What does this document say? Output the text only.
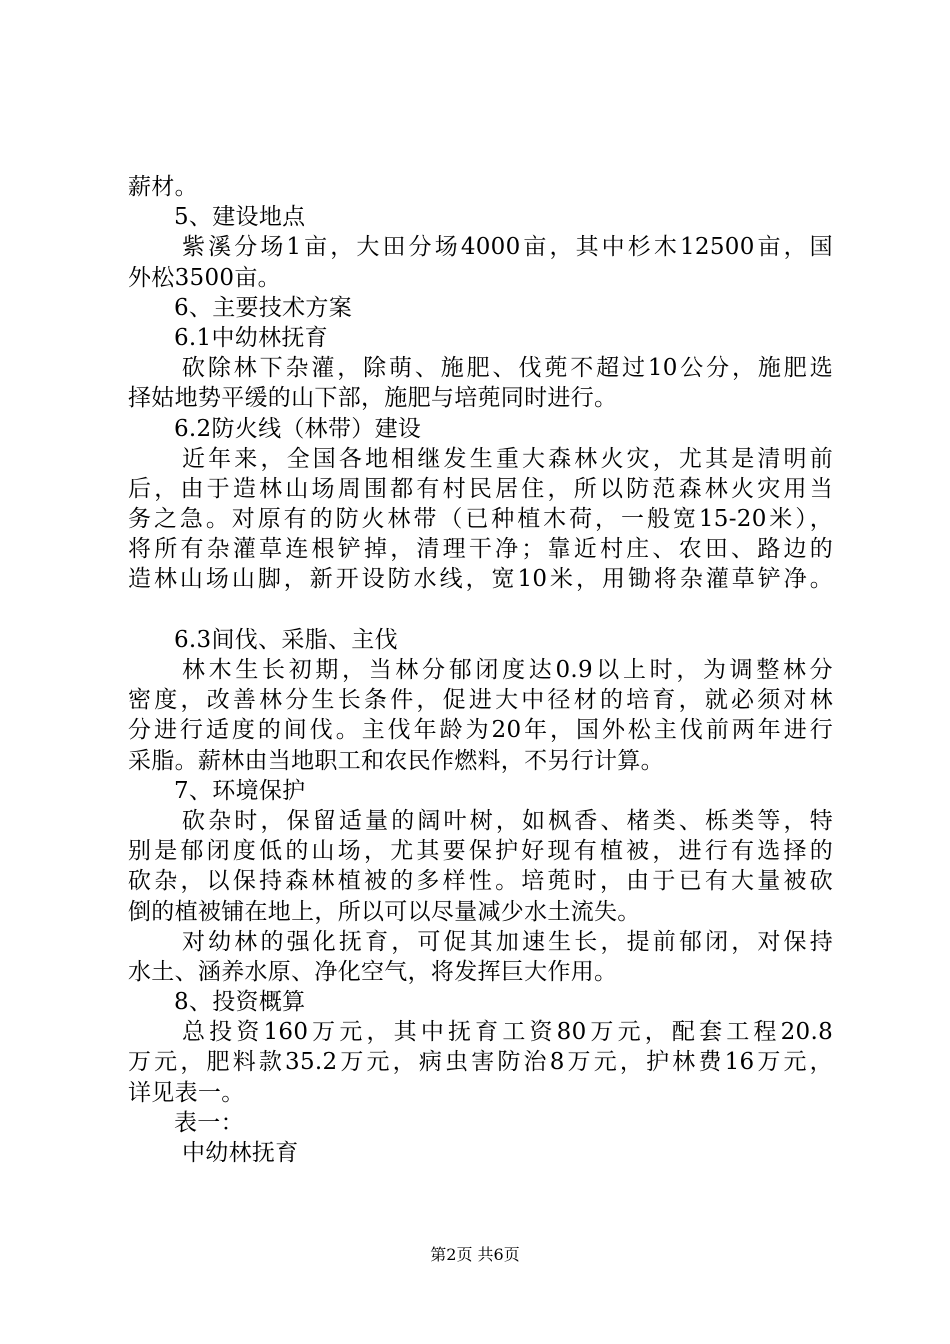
薪材。
5、建设地点
紫溪分场1亩，大田分场4000亩，其中杉木12500亩，国
外松3500亩。
6、主要技术方案
6.1中幼林抚育
砍除林下杂灌，除萌、施肥、伐蔸不超过10公分，施肥选
择姑地势平缓的山下部，施肥与培蔸同时进行。
6.2防火线（林带）建设
近年来，全国各地相继发生重大森林火灾，尤其是清明前
后，由于造林山场周围都有村民居住，所以防范森林火灾用当
务之急。对原有的防火林带（已种植木荷，一般宽15-20米），
将所有杂灌草连根铲掉，清理干净；靠近村庄、农田、路边的
造林山场山脚，新开设防水线，宽10米，用锄将杂灌草铲净。
6.3间伐、采脂、主伐
林木生长初期，当林分郁闭度达0.9以上时，为调整林分
密度，改善林分生长条件，促进大中径材的培育，就必须对林
分进行适度的间伐。主伐年龄为20年，国外松主伐前两年进行
采脂。薪林由当地职工和农民作燃料，不另行计算。
7、环境保护
砍杂时，保留适量的阔叶树，如枫香、楮类、栎类等，特
别是郁闭度低的山场，尤其要保护好现有植被，进行有选择的
砍杂，以保持森林植被的多样性。培蔸时，由于已有大量被砍
倒的植被铺在地上，所以可以尽量减少水土流失。
对幼林的强化抚育，可促其加速生长，提前郁闭，对保持
水土、涵养水原、净化空气，将发挥巨大作用。
8、投资概算
总投资160万元，其中抚育工资80万元，配套工程20.8
万元，肥料款35.2万元，病虫害防治8万元，护林费16万元，
详见表一。
表一：
中幼林抚育
第2页 共6页
